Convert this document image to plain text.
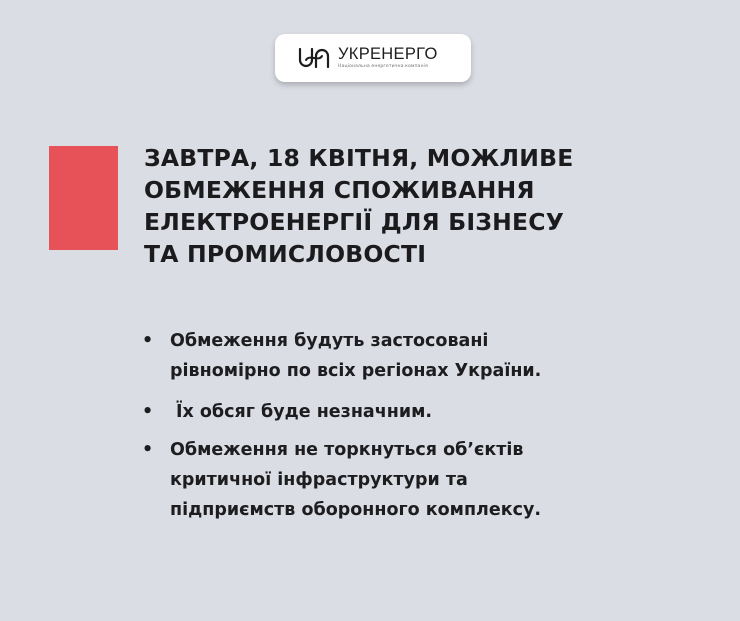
УКРЕНЕРГО
Національна енергетична компанія
ЗАВТРА, 18 КВІТНЯ, МОЖЛИВЕ
ОБМЕЖЕННЯ СПОЖИВАННЯ
ЕЛЕКТРОЕНЕРГІЇ ДЛЯ БІЗНЕСУ
ТА ПРОМИСЛОВОСТІ
• Обмеження будуть застосовані
рівномірно по всіх регіонах України.
• Їх обсяг буде незначним.
• Обмеження не торкнуться об’єктів
критичної інфраструктури та
підприємств оборонного комплексу.
